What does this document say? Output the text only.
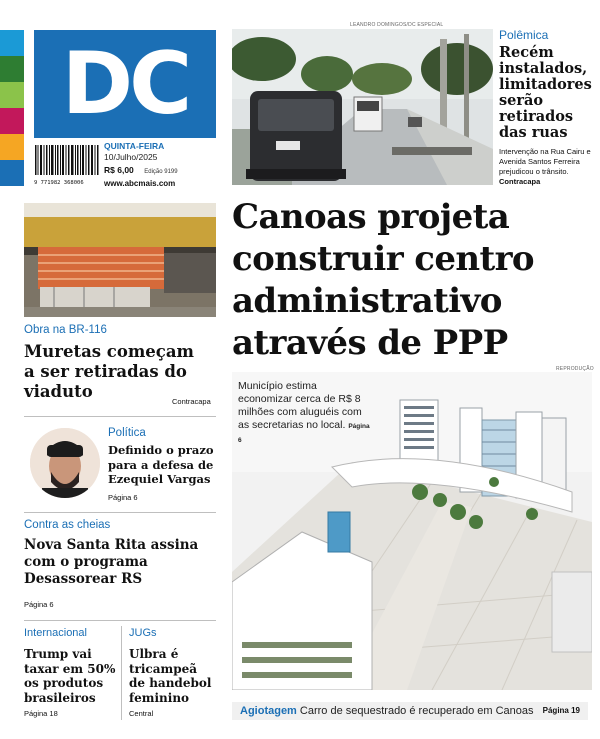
DC
9 771982 368006
QUINTA-FEIRA
10/Julho/2025
R$ 6,00 Edição 9199
www.abcmais.com
LEANDRO DOMINGOS/DC ESPECIAL
Polêmica
Recém instalados, limitadores serão retirados das ruas
Intervenção na Rua Cairu e Avenida Santos Ferreira prejudicou o trânsito. Contracapa
Obra na BR-116
Muretas começam a ser retiradas do viaduto
Contracapa
Política
Definido o prazo para a defesa de Ezequiel Vargas
Página 6
Contra as cheias
Nova Santa Rita assina com o programa Desassorear RS
Página 6
Internacional
Trump vai taxar em 50% os produtos brasileiros
Página 18
JUGs
Ulbra é tricampeã de handebol feminino
Central
Canoas projeta construir centro administrativo através de PPP
REPRODUÇÃO
Município estima economizar cerca de R$ 8 milhões com aluguéis com as secretarias no local. Página 6
Agiotagem Carro de sequestrado é recuperado em Canoas Página 19
